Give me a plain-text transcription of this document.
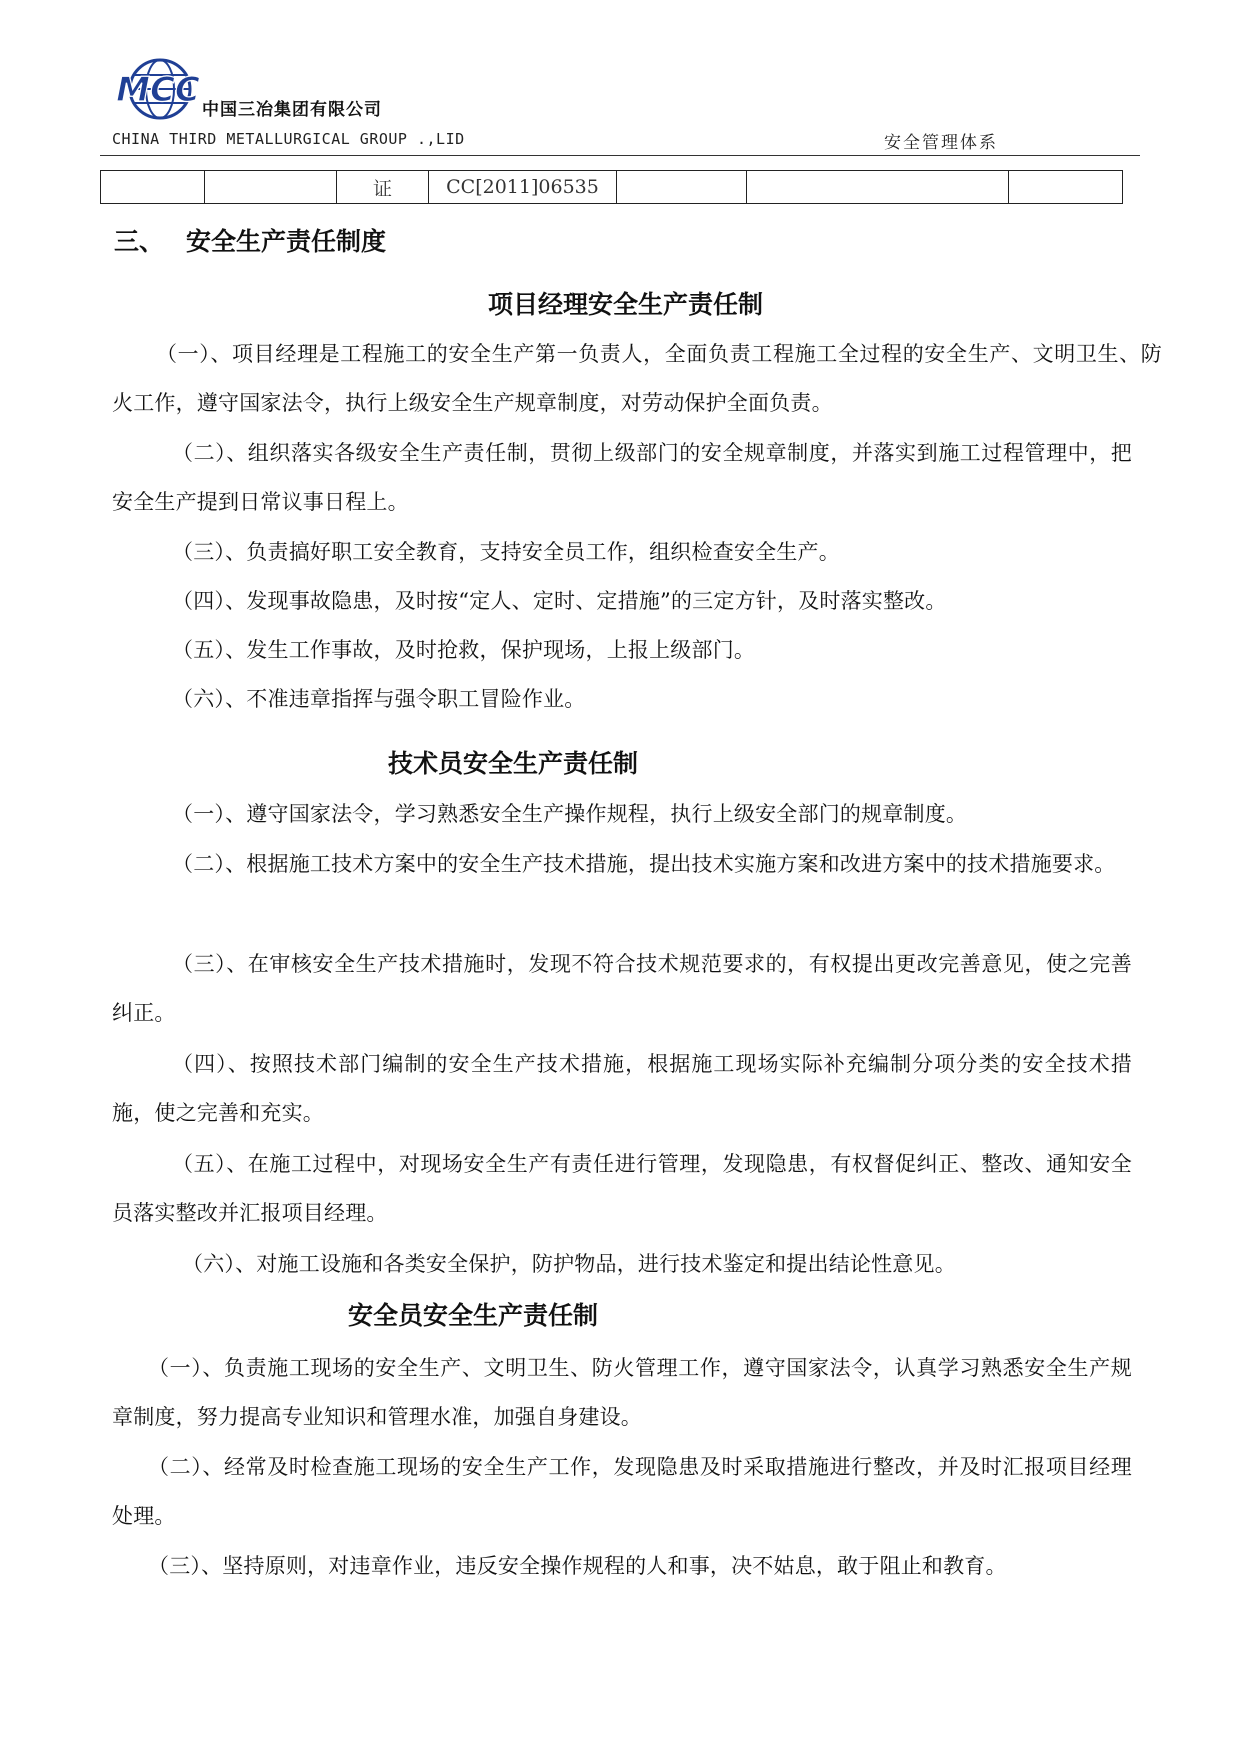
MCC 中国三冶集团有限公司
CHINA THIRD METALLURGICAL GROUP .,LID	安全管理体系
		证	CC[2011]06535			
三、 安全生产责任制度
项目经理安全生产责任制
（一）、项目经理是工程施工的安全生产第一负责人，全面负责工程施工全过程的安全生产、文明卫生、防火工作，遵守国家法令，执行上级安全生产规章制度，对劳动保护全面负责。
（二）、组织落实各级安全生产责任制，贯彻上级部门的安全规章制度，并落实到施工过程管理中，把安全生产提到日常议事日程上。
（三）、负责搞好职工安全教育，支持安全员工作，组织检查安全生产。
（四）、发现事故隐患，及时按“定人、定时、定措施”的三定方针，及时落实整改。
（五）、发生工作事故，及时抢救，保护现场，上报上级部门。
（六）、不准违章指挥与强令职工冒险作业。
技术员安全生产责任制
（一）、遵守国家法令，学习熟悉安全生产操作规程，执行上级安全部门的规章制度。
（二）、根据施工技术方案中的安全生产技术措施，提出技术实施方案和改进方案中的技术措施要求。
（三）、在审核安全生产技术措施时，发现不符合技术规范要求的，有权提出更改完善意见，使之完善纠正。
（四）、按照技术部门编制的安全生产技术措施，根据施工现场实际补充编制分项分类的安全技术措施，使之完善和充实。
（五）、在施工过程中，对现场安全生产有责任进行管理，发现隐患，有权督促纠正、整改、通知安全员落实整改并汇报项目经理。
（六）、对施工设施和各类安全保护，防护物品，进行技术鉴定和提出结论性意见。
安全员安全生产责任制
（一）、负责施工现场的安全生产、文明卫生、防火管理工作，遵守国家法令，认真学习熟悉安全生产规章制度，努力提高专业知识和管理水准，加强自身建设。
（二）、经常及时检查施工现场的安全生产工作，发现隐患及时采取措施进行整改，并及时汇报项目经理处理。
（三）、坚持原则，对违章作业，违反安全操作规程的人和事，决不姑息，敢于阻止和教育。
